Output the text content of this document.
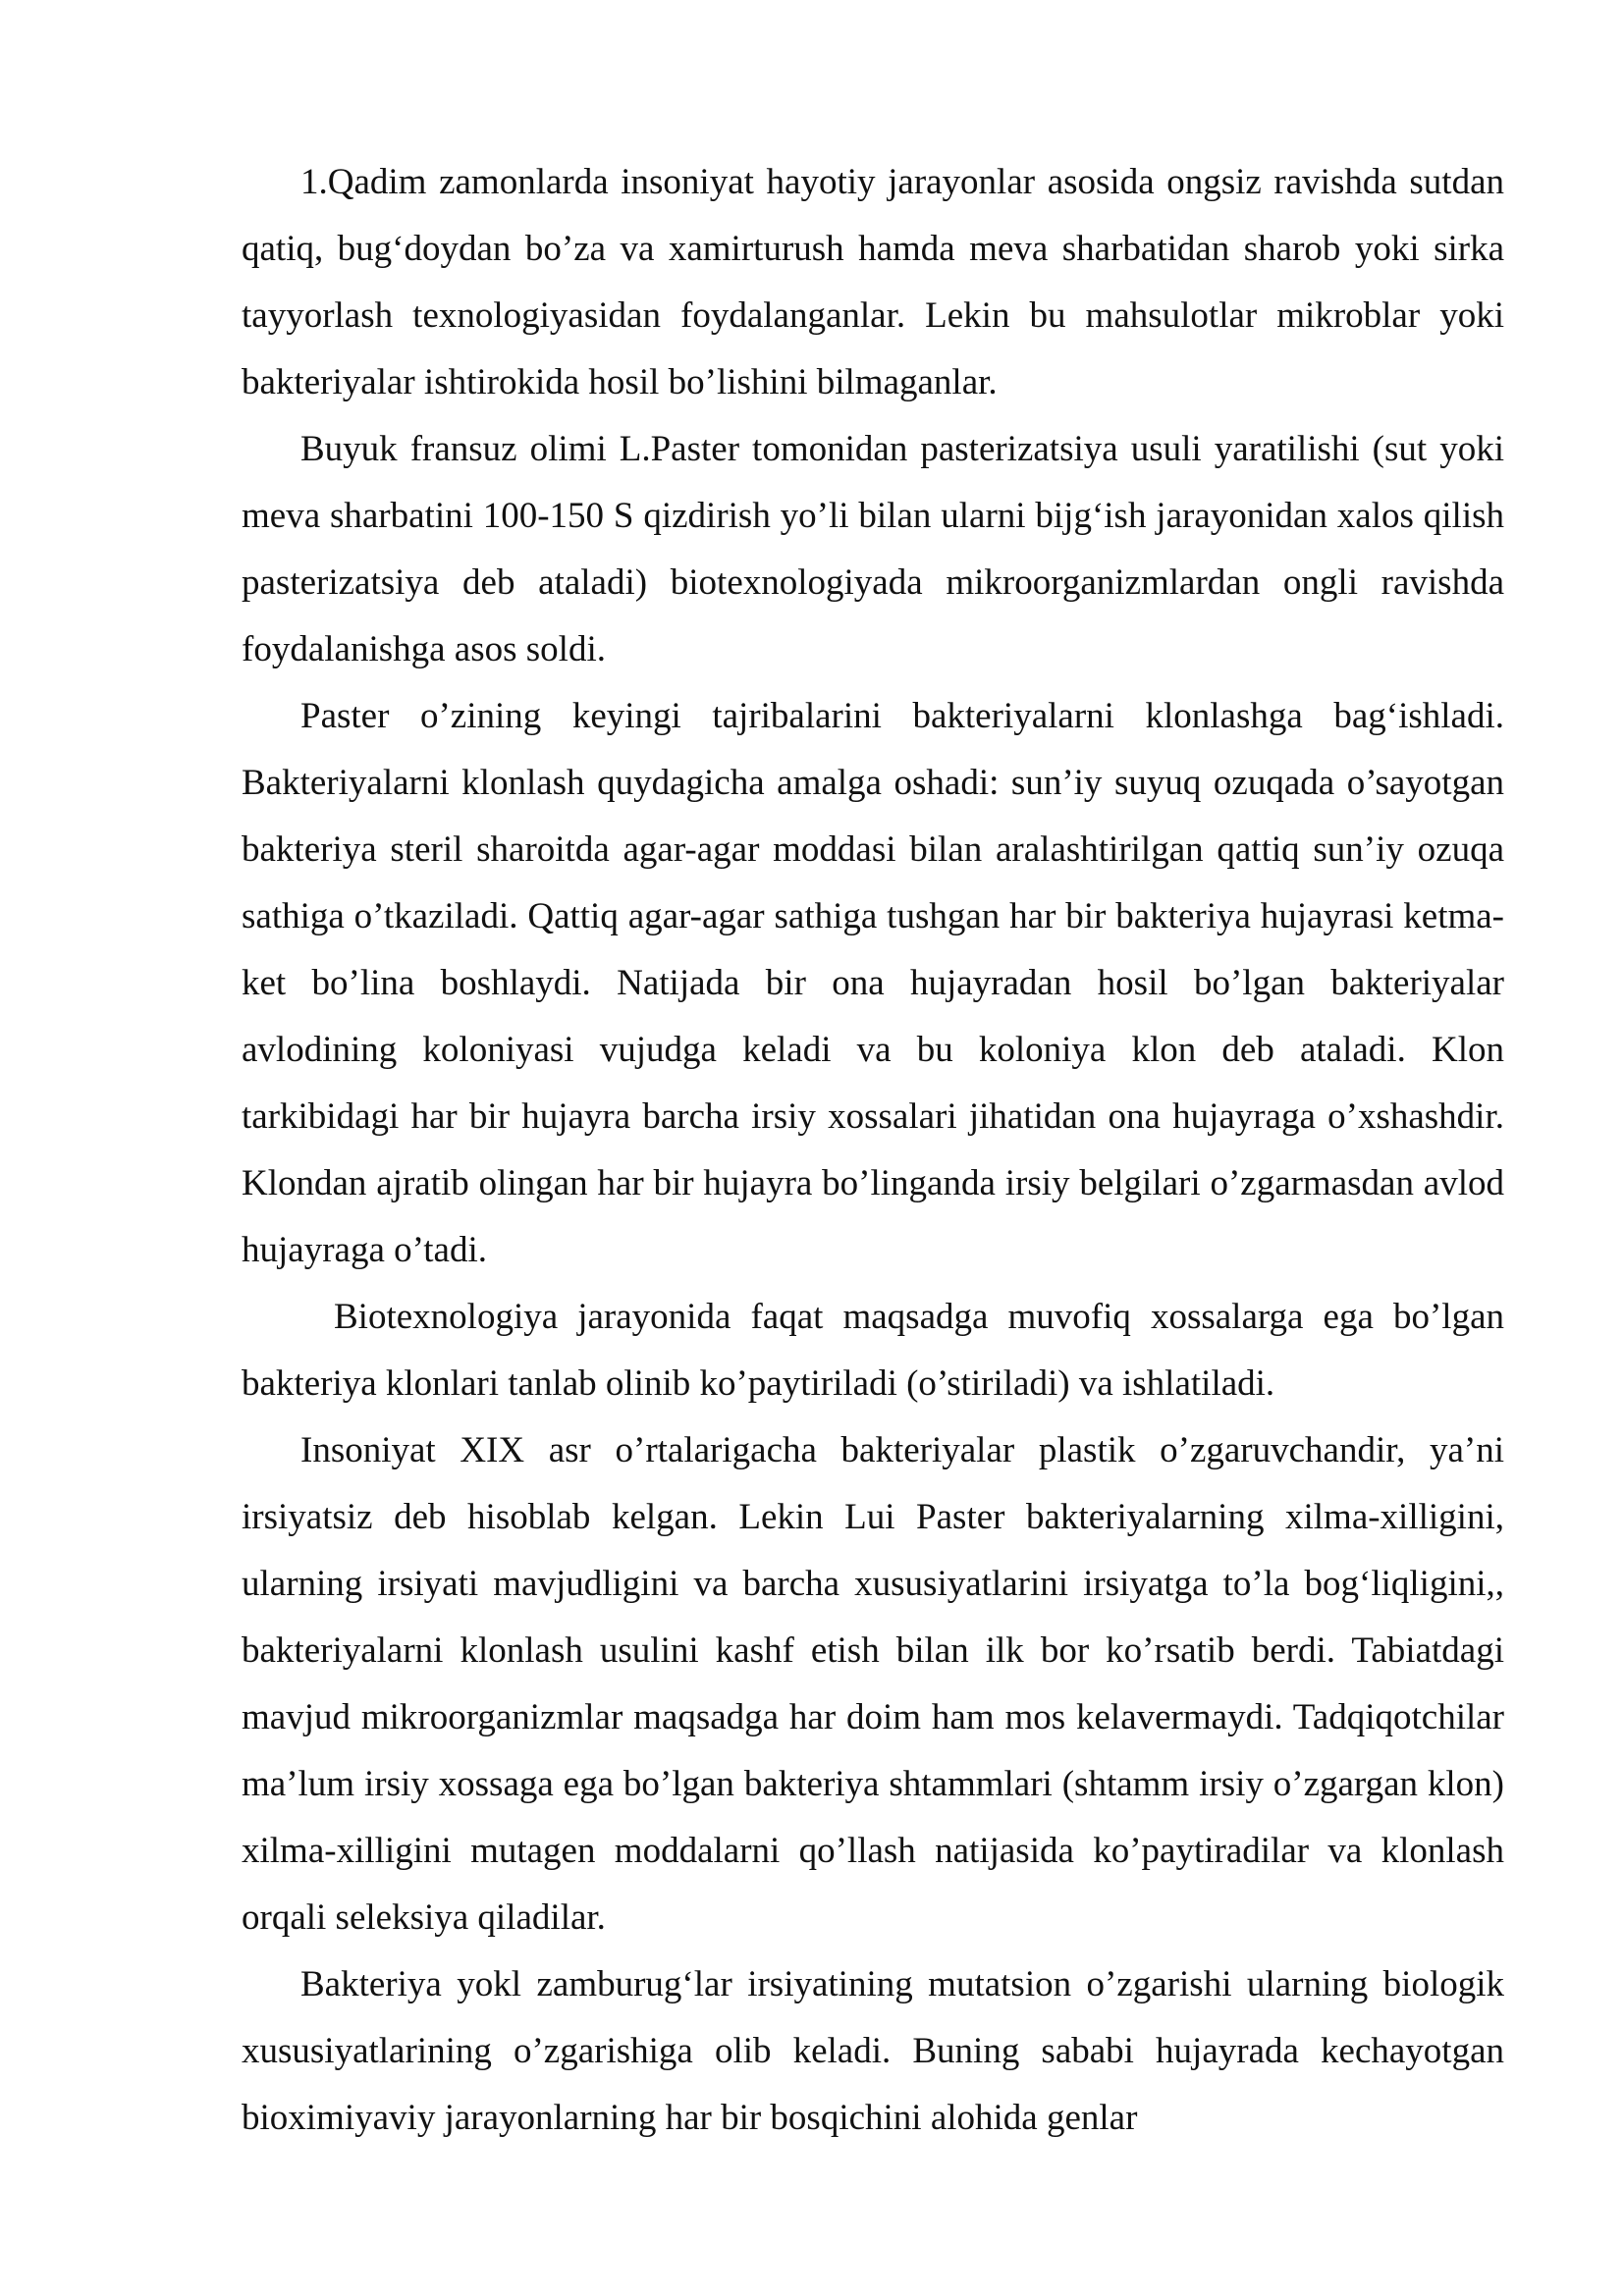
1.Qadim zamonlarda insoniyat hayotiy jarayonlar asosida ongsiz ravishda sutdan qatiq, bug‘doydan bo’za va xamirturush hamda meva sharbatidan sharob yoki sirka tayyorlash texnologiyasidan foydalanganlar. Lekin bu mahsulotlar mikroblar yoki bakteriyalar ishtirokida hosil bo’lishini bilmaganlar.

Buyuk fransuz olimi L.Paster tomonidan pasterizatsiya usuli yaratilishi (sut yoki meva sharbatini 100-150 S qizdirish yo’li bilan ularni bijg‘ish jarayonidan xalos qilish pasterizatsiya deb ataladi) biotexnologiyada mikroorganizmlardan ongli ravishda foydalanishga asos soldi.

Paster o’zining keyingi tajribalarini bakteriyalarni klonlashga bag‘ishladi. Bakteriyalarni klonlash quydagicha amalga oshadi: sun’iy suyuq ozuqada o’sayotgan bakteriya steril sharoitda agar-agar moddasi bilan aralashtirilgan qattiq sun’iy ozuqa sathiga o’tkaziladi. Qattiq agar-agar sathiga tushgan har bir bakteriya hujayrasi ketma-ket bo’lina boshlaydi. Natijada bir ona hujayradan hosil bo’lgan bakteriyalar avlodining koloniyasi vujudga keladi va bu koloniya klon deb ataladi. Klon tarkibidagi har bir hujayra barcha irsiy xossalari jihatidan ona hujayraga o’xshashdir. Klondan ajratib olingan har bir hujayra bo’linganda irsiy belgilari o’zgarmasdan avlod hujayraga o’tadi.

Biotexnologiya jarayonida faqat maqsadga muvofiq xossalarga ega bo’lgan bakteriya klonlari tanlab olinib ko’paytiriladi (o’stiriladi) va ishlatiladi.

Insoniyat XIX asr o’rtalarigacha bakteriyalar plastik o’zgaruvchandir, ya’ni irsiyatsiz deb hisoblab kelgan. Lekin Lui Paster bakteriyalarning xilma-xilligini, ularning irsiyati mavjudligini va barcha xususiyatlarini irsiyatga to’la bog‘liqligini,, bakteriyalarni klonlash usulini kashf etish bilan ilk bor ko’rsatib berdi. Tabiatdagi mavjud mikroorganizmlar maqsadga har doim ham mos kelavermaydi. Tadqiqotchilar ma’lum irsiy xossaga ega bo’lgan bakteriya shtammlari (shtamm irsiy o’zgargan klon) xilma-xilligini mutagen moddalarni qo’llash natijasida ko’paytiradilar va klonlash orqali seleksiya qiladilar.

Bakteriya yokl zamburug‘lar irsiyatining mutatsion o’zgarishi ularning biologik xususiyatlarining o’zgarishiga olib keladi. Buning sababi hujayrada kechayotgan bioximiyaviy jarayonlarning har bir bosqichini alohida genlar
